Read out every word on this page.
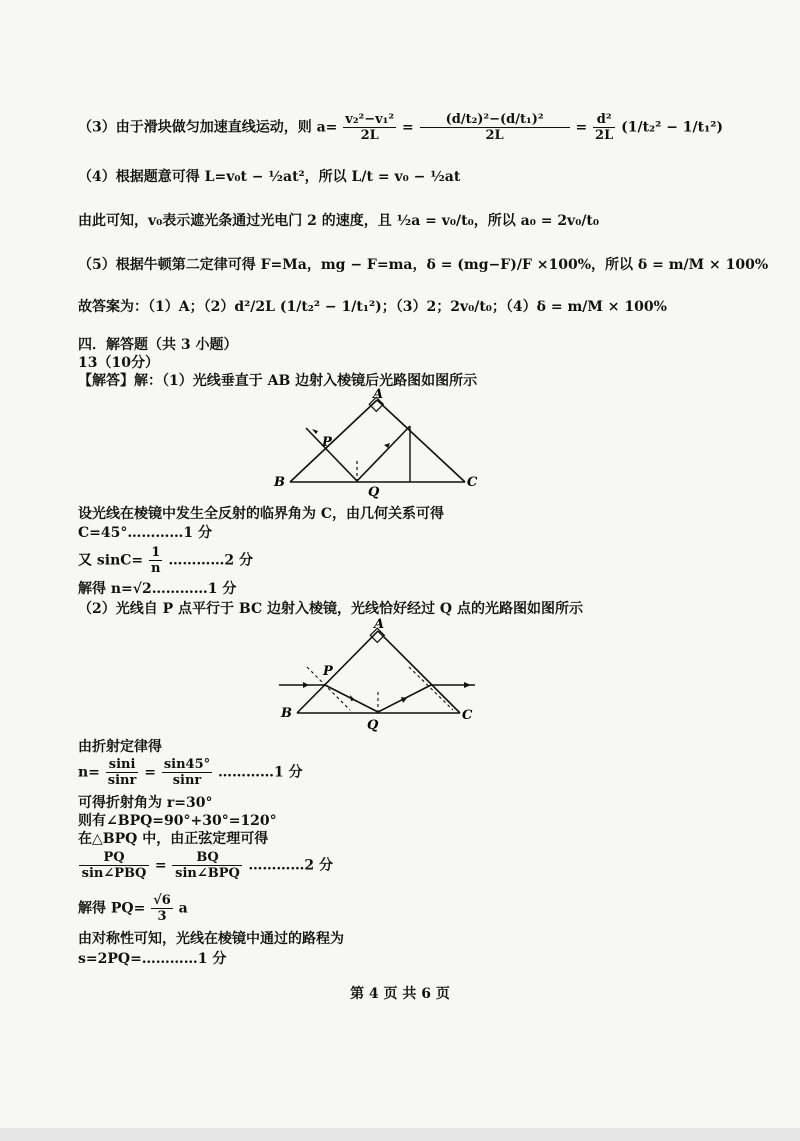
（3）由于滑块做匀加速直线运动，则 $a= \frac{\text{v₂²−v₁²}}{2L} = \frac{\text{(d/t₂)²−(d/t₁)²}}{2L} = \frac{\text{d²}}{2L} (1/t_2^2 - 1/t_1^2)$
（4）根据题意可得 L=v₀t − ½at²，所以 L/t = v₀ − ½at
由此可知，v₀表示遮光条通过光电门 2 的速度，且 ½a = v₀/t₀，所以 a₀ = 2v₀/t₀
（5）根据牛顿第二定律可得 F=Ma，mg − F=ma，δ = (mg−F)/F ×100%，所以 δ = m/M × 100%
故答案为：（1）A；（2）d²/2L (1/t₂² − 1/t₁²)；（3）2；2v₀/t₀；（4）δ = m/M × 100%
四．解答题（共 3 小题）
13（10分）
【解答】解：（1）光线垂直于 AB 边射入棱镜后光路图如图所示
A
B	C
P
Q
设光线在棱镜中发生全反射的临界角为 C，由几何关系可得
C=45°…………1 分
又 $\sin C= \frac{1}{n}$ …………2 分
解得 n=√2…………1 分
（2）光线自 P 点平行于 BC 边射入棱镜，光线恰好经过 Q 点的光路图如图所示
A
B	C
P
Q
由折射定律得
$n= \frac{\sin i}{\sin r} = \frac{\sin 45^\circ}{\sin r}$ …………1 分
可得折射角为 r=30°
则有∠BPQ=90°+30°=120°
在△BPQ 中，由正弦定理可得
$\frac{PQ}{\text{sin∠PBQ}} = \frac{BQ}{\text{sin∠BPQ}}$ …………2 分
解得 $PQ= \frac{√6}{3}$ a
由对称性可知，光线在棱镜中通过的路程为
s=2PQ=…………1 分
第 4 页 共 6 页
